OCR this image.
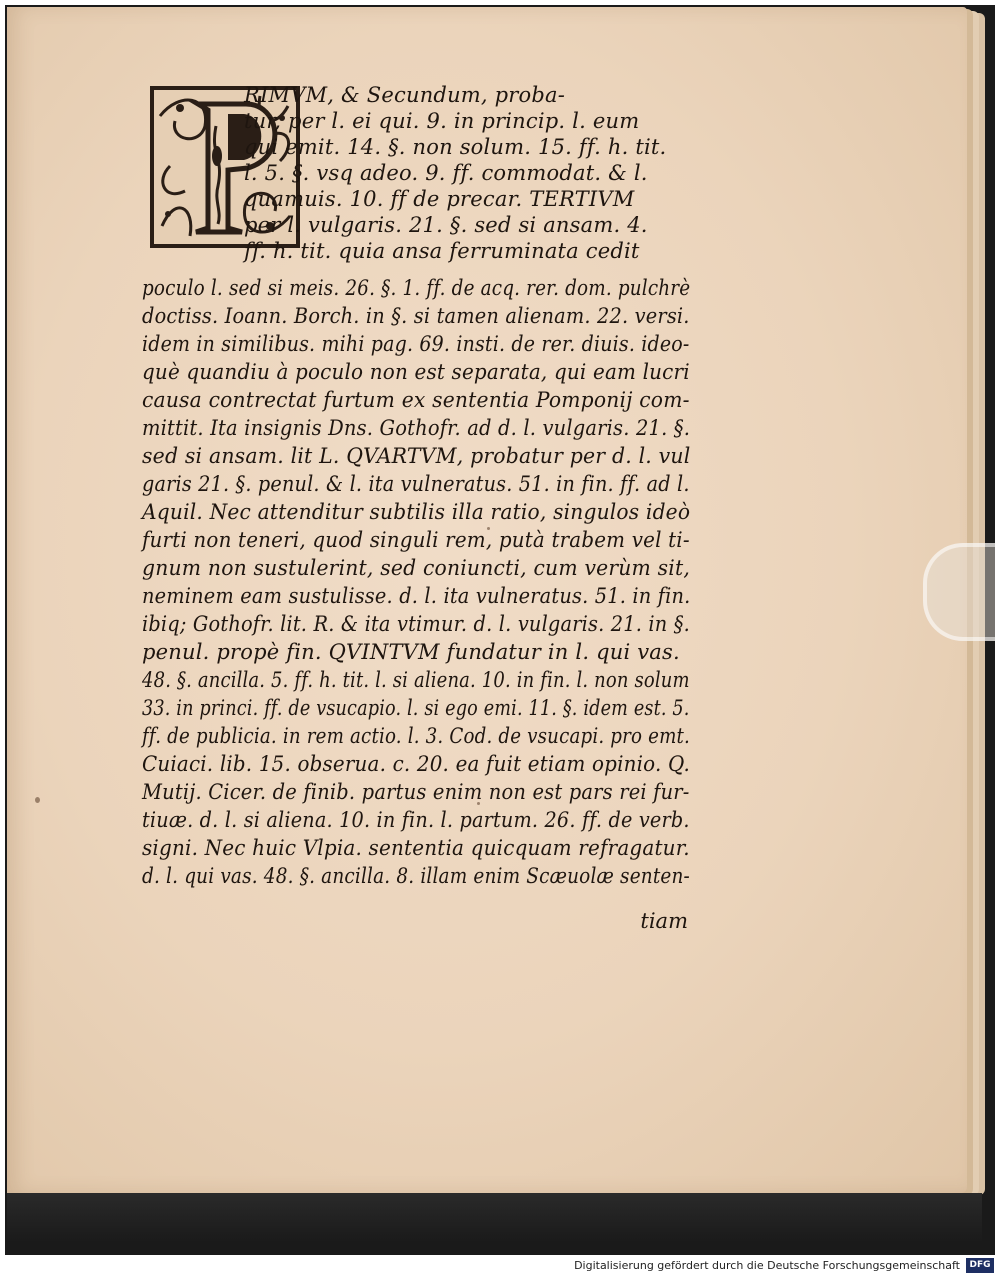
RIMVM, & Secundum, proba-
tur, per l. ei qui. 9. in princip. l. eum
qui emit. 14. §. non solum. 15. ff. h. tit.
l. 5. §. vsq adeo. 9. ff. commodat. & l.
quamuis. 10. ff de precar. TERTIVM
per l. vulgaris. 21. §. sed si ansam. 4.
ff. h. tit. quia ansa ferruminata cedit
poculo l. sed si meis. 26. §. 1. ff. de acq. rer. dom. pulchrè
doctiss. Ioann. Borch. in §. si tamen alienam. 22. versi.
idem in similibus. mihi pag. 69. insti. de rer. diuis. ideo-
què quandiu à poculo non est separata, qui eam lucri
causa contrectat furtum ex sententia Pomponij com-
mittit. Ita insignis Dns. Gothofr. ad d. l. vulgaris. 21. §.
sed si ansam. lit L. QVARTVM, probatur per d. l. vul
garis 21. §. penul. & l. ita vulneratus. 51. in fin. ff. ad l.
Aquil. Nec attenditur subtilis illa ratio, singulos ideò
furti non teneri, quod singuli rem, putà trabem vel ti-
gnum non sustulerint, sed coniuncti, cum verùm sit,
neminem eam sustulisse. d. l. ita vulneratus. 51. in fin.
ibiq; Gothofr. lit. R. & ita vtimur. d. l. vulgaris. 21. in §.
penul. propè fin. QVINTVM fundatur in l. qui vas.
48. §. ancilla. 5. ff. h. tit. l. si aliena. 10. in fin. l. non solum
33. in princi. ff. de vsucapio. l. si ego emi. 11. §. idem est. 5.
ff. de publicia. in rem actio. l. 3. Cod. de vsucapi. pro emt.
Cuiaci. lib. 15. obserua. c. 20. ea fuit etiam opinio. Q.
Mutij. Cicer. de finib. partus enim non est pars rei fur-
tiuæ. d. l. si aliena. 10. in fin. l. partum. 26. ff. de verb.
signi. Nec huic Vlpia. sententia quicquam refragatur.
d. l. qui vas. 48. §. ancilla. 8. illam enim Scæuolæ senten-
tiam
Digitalisierung gefördert durch die Deutsche Forschungsgemeinschaft	DFG
